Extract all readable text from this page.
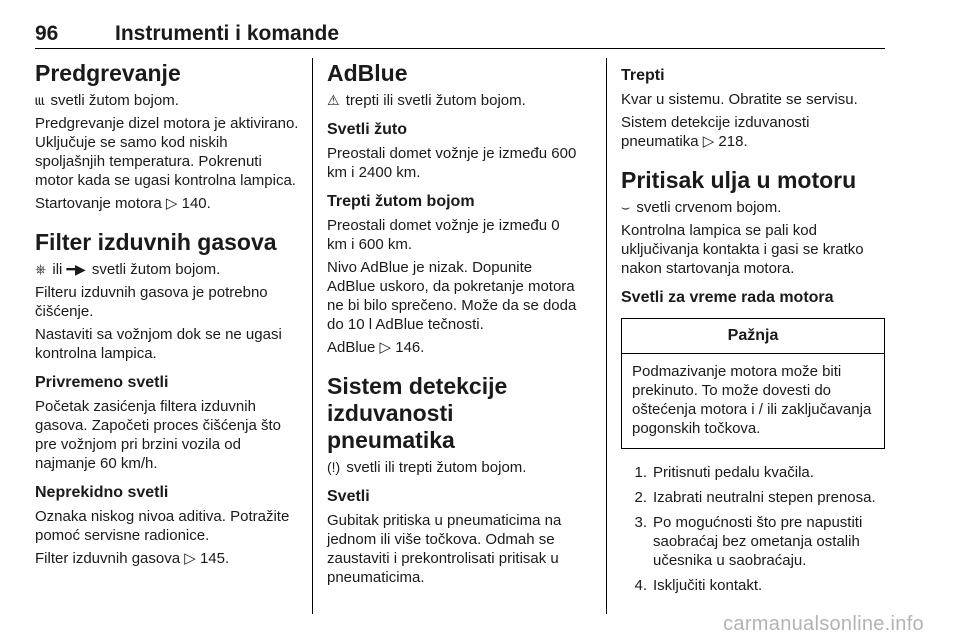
96	Instrumenti i komande
Predgrevanje

ɩɩɩ svetli žutom bojom.

Predgrevanje dizel motora je aktivirano. Uključuje se samo kod niskih spoljašnjih temperatura. Pokrenuti motor kada se ugasi kontrolna lampica.

Startovanje motora ▷ 140.

Filter izduvnih gasova

⎈ ili ━▶ svetli žutom bojom.

Filteru izduvnih gasova je potrebno čišćenje.

Nastaviti sa vožnjom dok se ne ugasi kontrolna lampica.

Privremeno svetli

Početak zasićenja filtera izduvnih gasova. Započeti proces čišćenja što pre vožnjom pri brzini vozila od najmanje 60 km/h.

Neprekidno svetli

Oznaka niskog nivoa aditiva. Potražite pomoć servisne radionice.

Filter izduvnih gasova ▷ 145.

AdBlue

⚠ trepti ili svetli žutom bojom.

Svetli žuto

Preostali domet vožnje je između 600 km i 2400 km.

Trepti žutom bojom

Preostali domet vožnje je između 0 km i 600 km.

Nivo AdBlue je nizak. Dopunite AdBlue uskoro, da pokretanje motora ne bi bilo sprečeno. Može da se doda do 10 l AdBlue tečnosti.

AdBlue ▷ 146.

Sistem detekcije izduvanosti pneumatika

(!) svetli ili trepti žutom bojom.

Svetli

Gubitak pritiska u pneumaticima na jednom ili više točkova. Odmah se zaustaviti i prekontrolisati pritisak u pneumaticima.

Trepti

Kvar u sistemu. Obratite se servisu.

Sistem detekcije izduvanosti pneumatika ▷ 218.

Pritisak ulja u motoru

⌣ svetli crvenom bojom.

Kontrolna lampica se pali kod uključivanja kontakta i gasi se kratko nakon startovanja motora.

Svetli za vreme rada motora
Pažnja
Podmazivanje motora može biti prekinuto. To može dovesti do oštećenja motora i / ili zaključavanja pogonskih točkova.
1. Pritisnuti pedalu kvačila.
2. Izabrati neutralni stepen prenosa.
3. Po mogućnosti što pre napustiti saobraćaj bez ometanja ostalih učesnika u saobraćaju.
4. Isključiti kontakt.
carmanualsonline.info
